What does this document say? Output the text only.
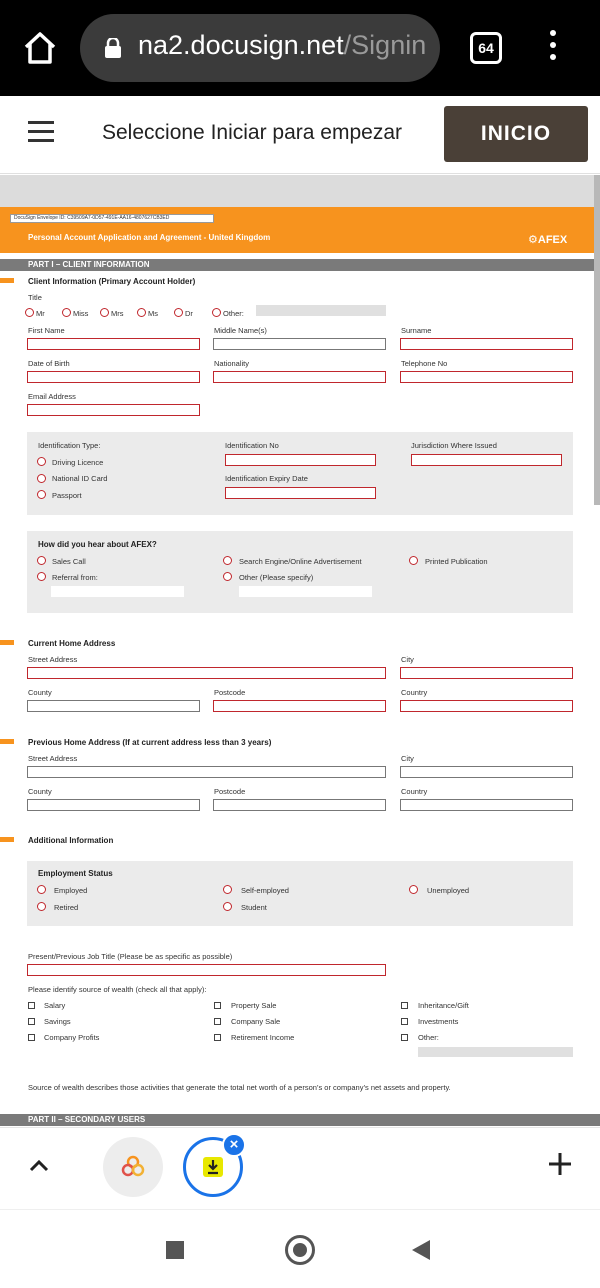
na2.docusign.net/Signin	64
Seleccione Iniciar para empezar	INICIO
DocuSign Envelope ID: C39509A7-0D57-491E-AA16-4807627CB3ED
Personal Account Application and Agreement - United Kingdom	⚙AFEX
PART I – CLIENT INFORMATION
Client Information (Primary Account Holder)
Title
Mr	Miss	Mrs	Ms	Dr	Other:
First Name	Middle Name(s)	Surname
Date of Birth	Nationality	Telephone No
Email Address
Identification Type:	Identification No	Jurisdiction Where Issued
Driving Licence
National ID Card	Identification Expiry Date
Passport
How did you hear about AFEX?
Sales Call	Search Engine/Online Advertisement	Printed Publication
Referral from:	Other (Please specify)
Current Home Address
Street Address	City
County	Postcode	Country
Previous Home Address (If at current address less than 3 years)
Street Address	City
County	Postcode	Country
Additional Information
Employment Status
Employed	Self-employed	Unemployed
Retired	Student
Present/Previous Job Title (Please be as specific as possible)
Please identify source of wealth (check all that apply):
Salary	Property Sale	Inheritance/Gift
Savings	Company Sale	Investments
Company Profits	Retirement Income	Other:
Source of wealth describes those activities that generate the total net worth of a person’s or company’s net assets and property.
PART II – SECONDARY USERS
×
